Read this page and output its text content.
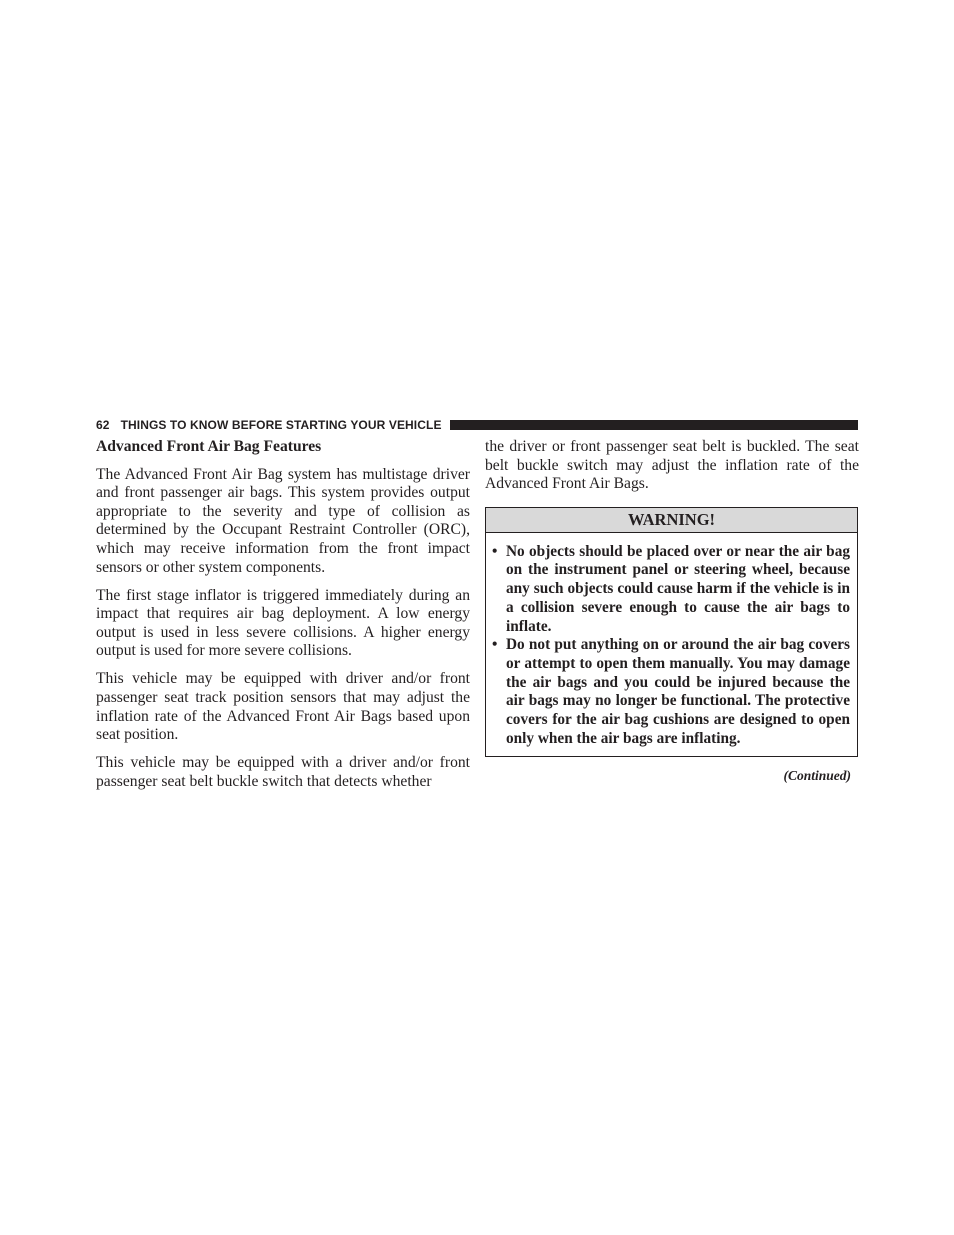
62 THINGS TO KNOW BEFORE STARTING YOUR VEHICLE
Advanced Front Air Bag Features

The Advanced Front Air Bag system has multistage driver and front passenger air bags. This system provides output appropriate to the severity and type of collision as determined by the Occupant Restraint Controller (ORC), which may receive information from the front impact sensors or other system components.

The first stage inflator is triggered immediately during an impact that requires air bag deployment. A low energy output is used in less severe collisions. A higher energy output is used for more severe collisions.

This vehicle may be equipped with driver and/or front passenger seat track position sensors that may adjust the inflation rate of the Advanced Front Air Bags based upon seat position.

This vehicle may be equipped with a driver and/or front passenger seat belt buckle switch that detects whether

the driver or front passenger seat belt is buckled. The seat belt buckle switch may adjust the inflation rate of the Advanced Front Air Bags.

WARNING!
• No objects should be placed over or near the air bag on the instrument panel or steering wheel, because any such objects could cause harm if the vehicle is in a collision severe enough to cause the air bags to inflate.
• Do not put anything on or around the air bag covers or attempt to open them manually. You may damage the air bags and you could be injured because the air bags may no longer be functional. The protective covers for the air bag cushions are designed to open only when the air bags are inflating.
(Continued)
